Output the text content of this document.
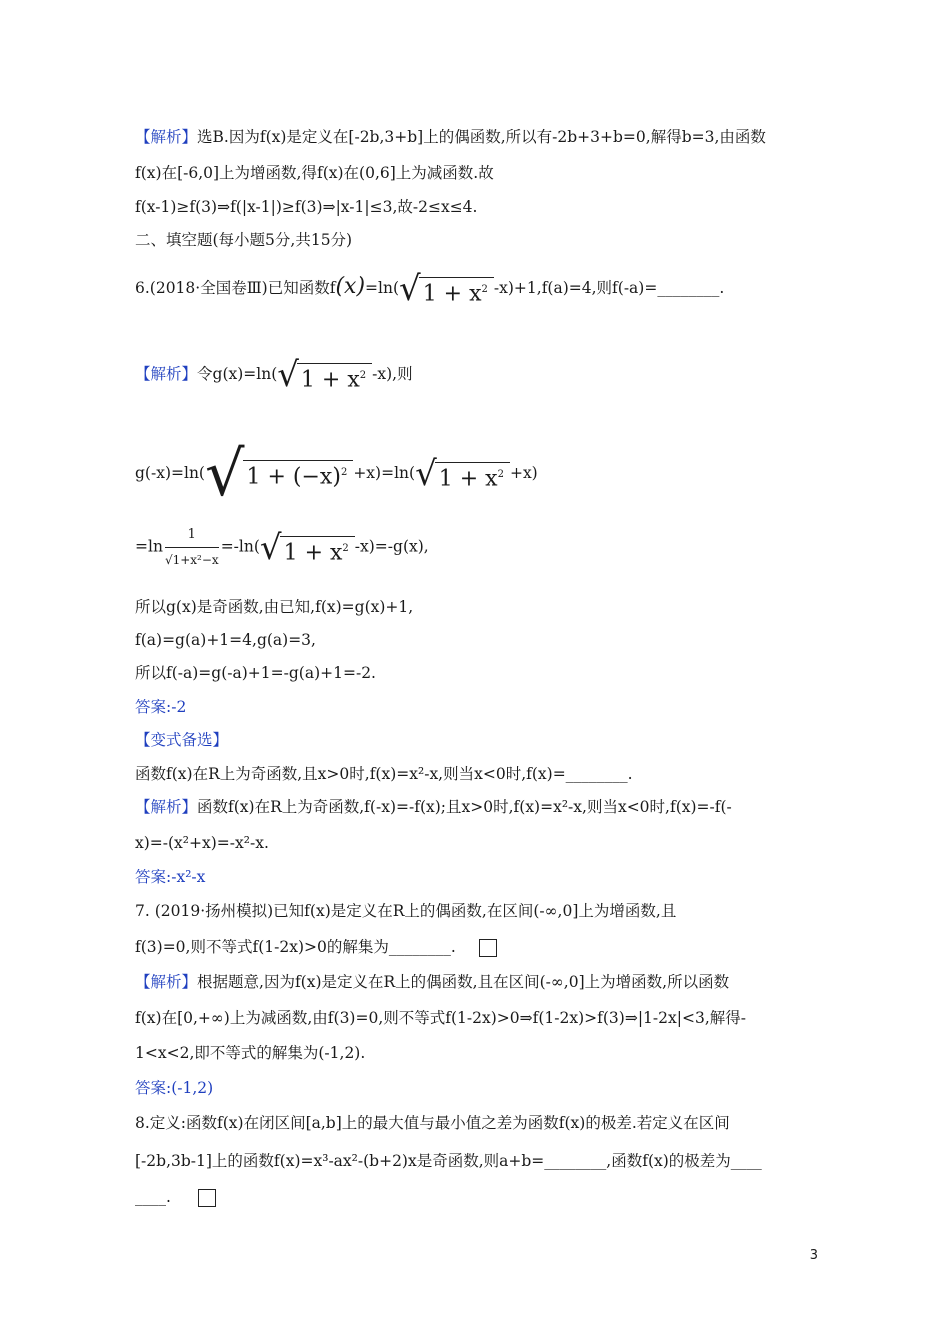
【解析】选B.因为f(x)是定义在[-2b,3+b]上的偶函数,所以有-2b+3+b=0,解得b=3,由函数
f(x)在[-6,0]上为增函数,得f(x)在(0,6]上为减函数.故
f(x-1)≥f(3)⇒f(|x-1|)≥f(3)⇒|x-1|≤3,故-2≤x≤4.
二、填空题(每小题5分,共15分)
6.(2018·全国卷Ⅲ)已知函数$f(x)=\ln(√1 + x^2$ -x)+1,f(a)=4,则f(-a)=________.
【解析】令$g(x)=\ln(√1 + x^2$ -x),则
$g(-x)=\ln(√1 + (-x)^2 +x)=\ln(√1 + x^2 +x)$
$=\ln \frac{1}{\text{√1+x²−x}} =-\ln(√1 + x^2$ -x)=-g(x),
所以g(x)是奇函数,由已知,f(x)=g(x)+1,
f(a)=g(a)+1=4,g(a)=3,
所以f(-a)=g(-a)+1=-g(a)+1=-2.
答案:-2
【变式备选】
函数f(x)在R上为奇函数,且x>0时,f(x)=x²-x,则当x<0时,f(x)=________.
【解析】函数f(x)在R上为奇函数,f(-x)=-f(x);且x>0时,f(x)=x²-x,则当x<0时,f(x)=-f(-
x)=-(x²+x)=-x²-x.
答案:-x²-x
7. (2019·扬州模拟)已知f(x)是定义在R上的偶函数,在区间(-∞,0]上为增函数,且
f(3)=0,则不等式f(1-2x)>0的解集为________.
【解析】根据题意,因为f(x)是定义在R上的偶函数,且在区间(-∞,0]上为增函数,所以函数
f(x)在[0,+∞)上为减函数,由f(3)=0,则不等式f(1-2x)>0⇒f(1-2x)>f(3)⇒|1-2x|<3,解得-
1<x<2,即不等式的解集为(-1,2).
答案:(-1,2)
8.定义:函数f(x)在闭区间[a,b]上的最大值与最小值之差为函数f(x)的极差.若定义在区间
[-2b,3b-1]上的函数f(x)=x³-ax²-(b+2)x是奇函数,则a+b=________,函数f(x)的极差为____
____.
3
